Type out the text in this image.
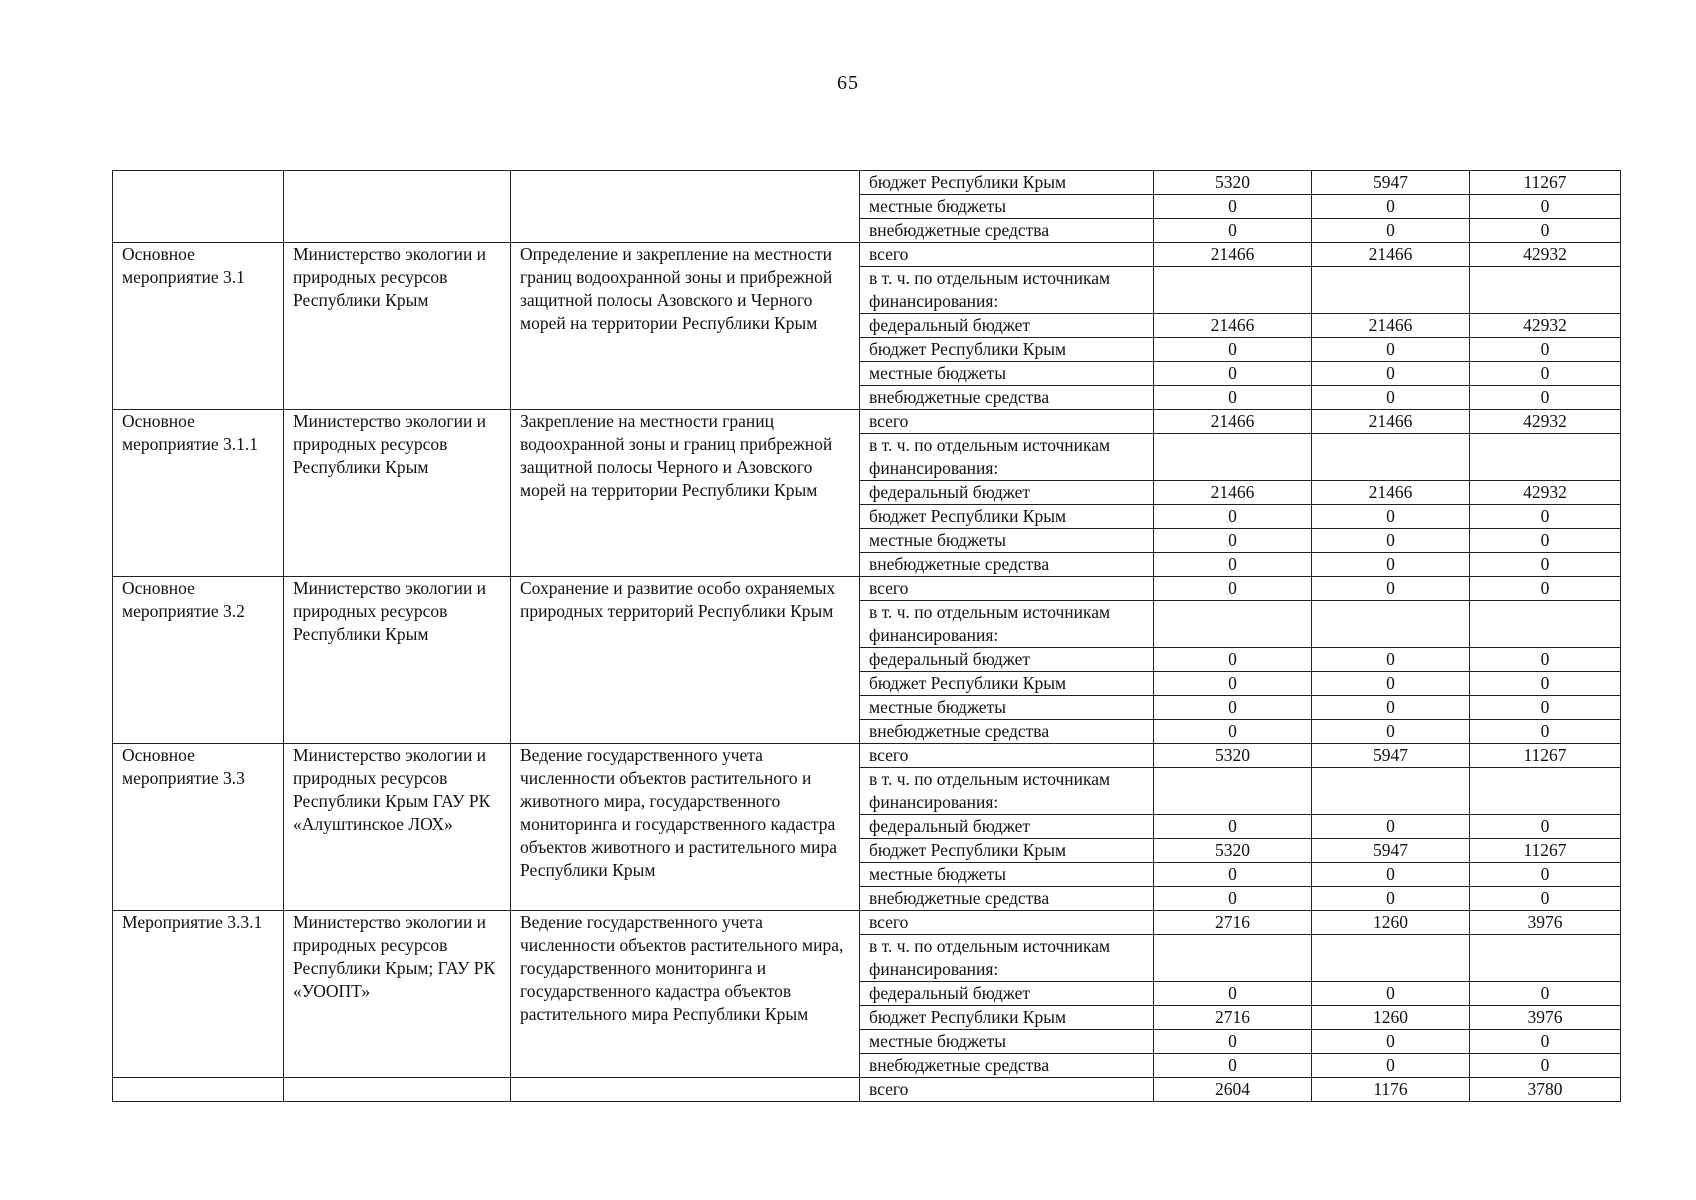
65
			бюджет Республики Крым	5320	5947	11267
			местные бюджеты	0	0	0
			внебюджетные средства	0	0	0
Основное мероприятие 3.1	Министерство экологии и природных ресурсов Республики Крым	Определение и закрепление на местности границ водоохранной зоны и прибрежной защитной полосы Азовского и Черного морей на территории Республики Крым	всего	21466	21466	42932
			в т. ч. по отдельным источникам финансирования:			
			федеральный бюджет	21466	21466	42932
			бюджет Республики Крым	0	0	0
			местные бюджеты	0	0	0
			внебюджетные средства	0	0	0
Основное мероприятие 3.1.1	Министерство экологии и природных ресурсов Республики Крым	Закрепление на местности границ водоохранной зоны и границ прибрежной защитной полосы Черного и Азовского морей на территории Республики Крым	всего	21466	21466	42932
			в т. ч. по отдельным источникам финансирования:			
			федеральный бюджет	21466	21466	42932
			бюджет Республики Крым	0	0	0
			местные бюджеты	0	0	0
			внебюджетные средства	0	0	0
Основное мероприятие 3.2	Министерство экологии и природных ресурсов Республики Крым	Сохранение и развитие особо охраняемых природных территорий Республики Крым	всего	0	0	0
			в т. ч. по отдельным источникам финансирования:			
			федеральный бюджет	0	0	0
			бюджет Республики Крым	0	0	0
			местные бюджеты	0	0	0
			внебюджетные средства	0	0	0
Основное мероприятие 3.3	Министерство экологии и природных ресурсов Республики Крым ГАУ РК «Алуштинское ЛОХ»	Ведение государственного учета численности объектов растительного и животного мира, государственного мониторинга и государственного кадастра объектов животного и растительного мира Республики Крым	всего	5320	5947	11267
			в т. ч. по отдельным источникам финансирования:			
			федеральный бюджет	0	0	0
			бюджет Республики Крым	5320	5947	11267
			местные бюджеты	0	0	0
			внебюджетные средства	0	0	0
Мероприятие 3.3.1	Министерство экологии и природных ресурсов Республики Крым; ГАУ РК «УООПТ»	Ведение государственного учета численности объектов растительного мира, государственного мониторинга и государственного кадастра объектов растительного мира Республики Крым	всего	2716	1260	3976
			в т. ч. по отдельным источникам финансирования:			
			федеральный бюджет	0	0	0
			бюджет Республики Крым	2716	1260	3976
			местные бюджеты	0	0	0
			внебюджетные средства	0	0	0
			всего	2604	1176	3780
